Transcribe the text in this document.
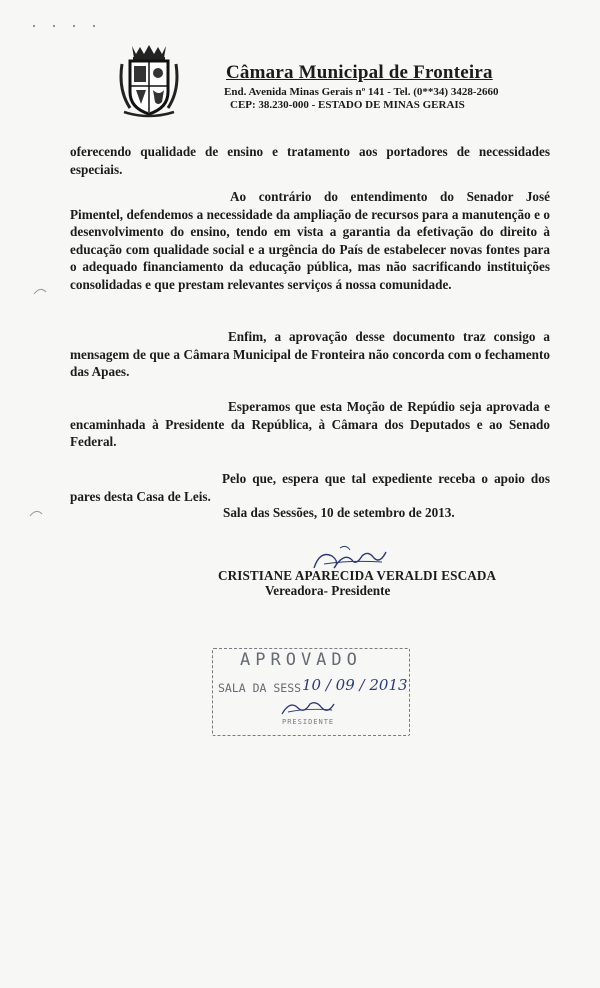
Câmara Municipal de Fronteira
End. Avenida Minas Gerais nº 141 - Tel. (0**34) 3428-2660
CEP: 38.230-000 - ESTADO DE MINAS GERAIS
oferecendo qualidade de ensino e tratamento aos portadores de necessidades especiais.
Ao contrário do entendimento do Senador José Pimentel, defendemos a necessidade da ampliação de recursos para a manutenção e o desenvolvimento do ensino, tendo em vista a garantia da efetivação do direito à educação com qualidade social e a urgência do País de estabelecer novas fontes para o adequado financiamento da educação pública, mas não sacrificando instituições consolidadas e que prestam relevantes serviços á nossa comunidade.
Enfim, a aprovação desse documento traz consigo a mensagem de que a Câmara Municipal de Fronteira não concorda com o fechamento das Apaes.
Esperamos que esta Moção de Repúdio seja aprovada e encaminhada à Presidente da República, à Câmara dos Deputados e ao Senado Federal.
Pelo que, espera que tal expediente receba o apoio dos pares desta Casa de Leis.
Sala das Sessões, 10 de setembro de 2013.
CRISTIANE APARECIDA VERALDI ESCADA
Vereadora- Presidente
APROVADO
SALA DA SESS 10 / 09 / 2013
PRESIDENTE
